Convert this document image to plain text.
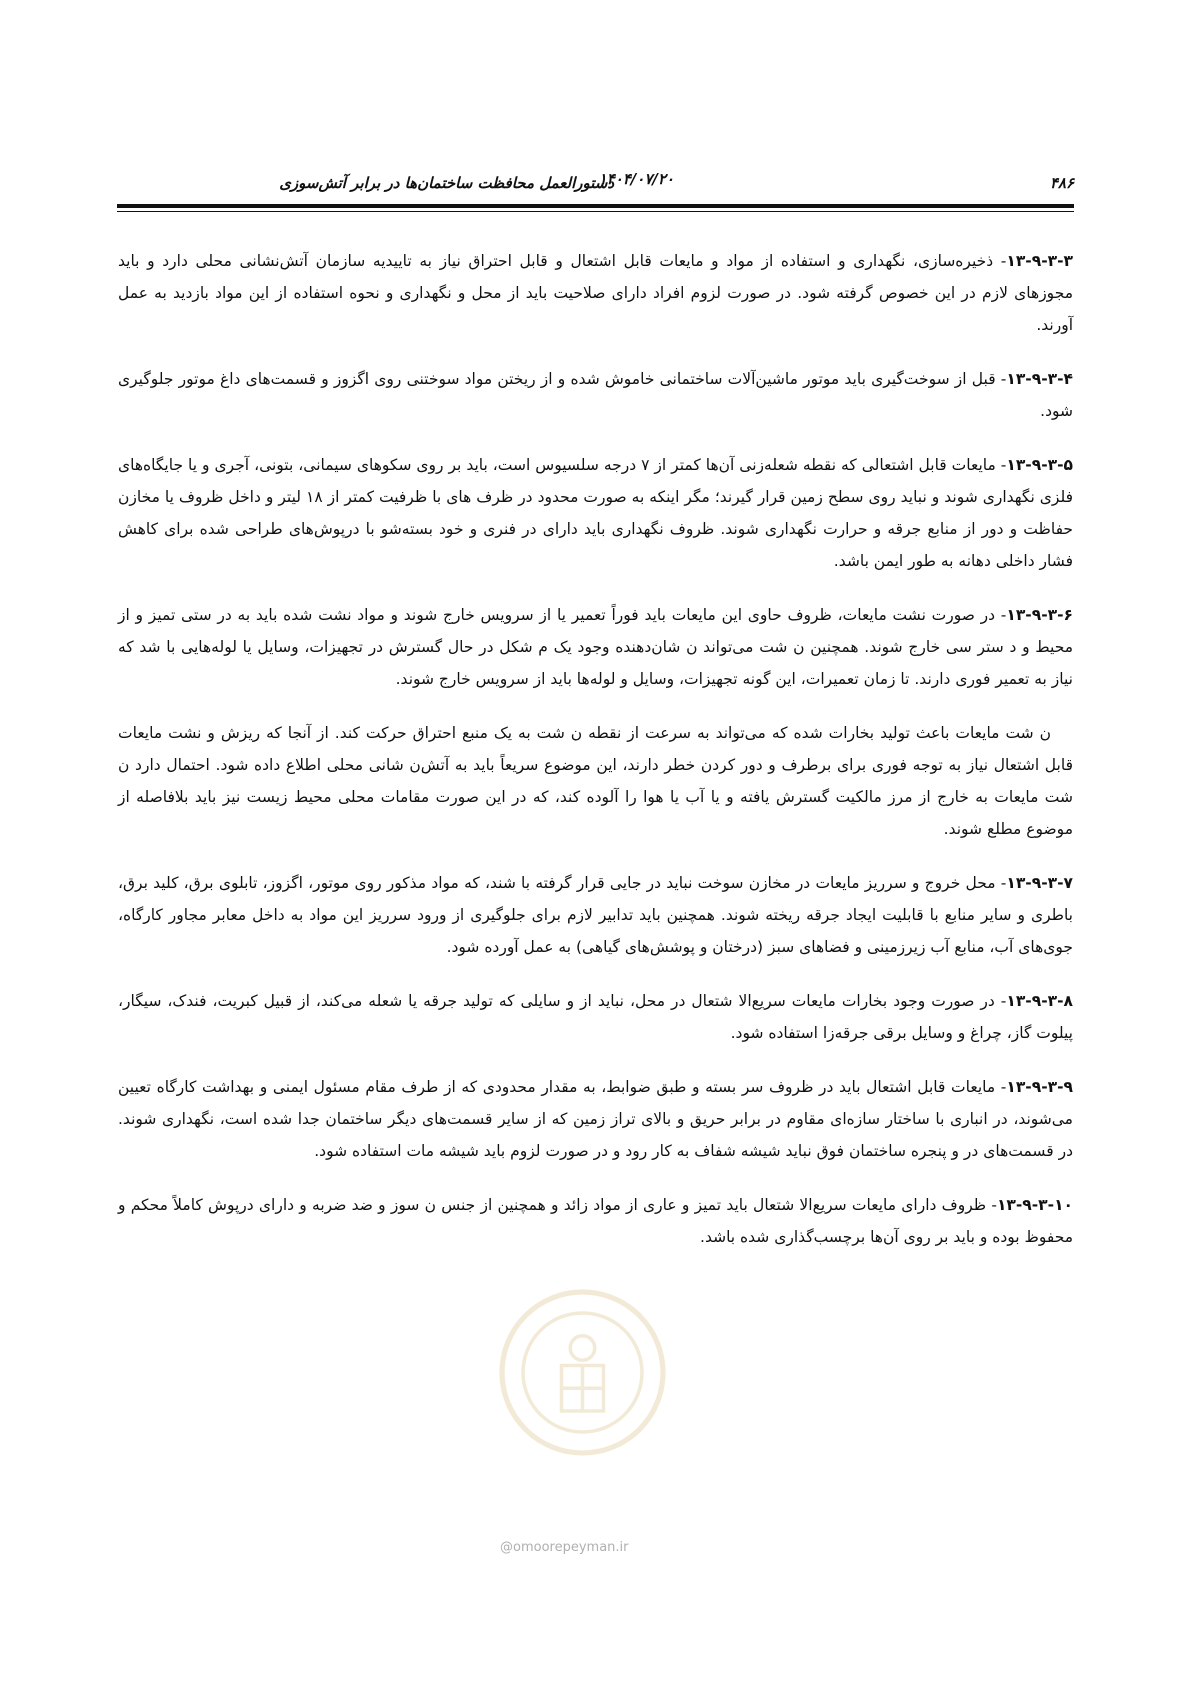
۴۸۶
۱۴۰۴/۰۷/۲۰
دستورالعمل محافظت ساختمان‌ها در برابر آتش‌سوزی

۱۳-۹-۳-۳- ذخیره‌سازی، نگهداری و استفاده از مواد و مایعات قابل اشتعال و قابل احتراق نیاز به تاییدیه سازمان آتش‌نشانی محلی دارد و باید مجوزهای لازم در این خصوص گرفته شود. در صورت لزوم افراد دارای صلاحیت باید از محل و نگهداری و نحوه استفاده از این مواد بازدید به عمل آورند.

۱۳-۹-۳-۴- قبل از سوخت‌گیری باید موتور ماشین‌آلات ساختمانی خاموش شده و از ریختن مواد سوختنی روی اگزوز و قسمت‌های داغ موتور جلوگیری شود.

۱۳-۹-۳-۵- مایعات قابل اشتعالی که نقطه شعله‌زنی آن‌ها کمتر از ۷ درجه سلسیوس است، باید بر روی سکوهای سیمانی، بتونی، آجری و یا جایگاه‌های فلزی نگهداری شوند و نباید روی سطح زمین قرار گیرند؛ مگر اینکه به صورت محدود در ظرف های با ظرفیت کمتر از ۱۸ لیتر و داخل ظروف یا مخازن حفاظت و دور از منابع جرقه و حرارت نگهداری شوند. ظروف نگهداری باید دارای در فنری و خود بسته‌شو با درپوش‌های طراحی شده برای کاهش فشار داخلی دهانه به طور ایمن باشد.

۱۳-۹-۳-۶- در صورت نشت مایعات، ظروف حاوی این مایعات باید فوراً تعمیر یا از سرویس خارج شوند و مواد نشت شده باید به در ستی تمیز و از محیط و د ستر سی خارج شوند. همچنین ن شت می‌تواند ن شان‌دهنده وجود یک م شکل در حال گسترش در تجهیزات، وسایل یا لوله‌هایی با شد که نیاز به تعمیر فوری دارند. تا زمان تعمیرات، این گونه تجهیزات، وسایل و لوله‌ها باید از سرویس خارج شوند.

ن شت مایعات باعث تولید بخارات شده که می‌تواند به سرعت از نقطه ن شت به یک منبع احتراق حرکت کند. از آنجا که ریزش و نشت مایعات قابل اشتعال نیاز به توجه فوری برای برطرف و دور کردن خطر دارند، این موضوع سریعاً باید به آتش‌ن شانی محلی اطلاع داده شود. احتمال دارد ن شت مایعات به خارج از مرز مالکیت گسترش یافته و یا آب یا هوا را آلوده کند، که در این صورت مقامات محلی محیط زیست نیز باید بلافاصله از موضوع مطلع شوند.

۱۳-۹-۳-۷- محل خروج و سرریز مایعات در مخازن سوخت نباید در جایی قرار گرفته با شند، که مواد مذکور روی موتور، اگزوز، تابلوی برق، کلید برق، باطری و سایر منابع با قابلیت ایجاد جرقه ریخته شوند. همچنین باید تدابیر لازم برای جلوگیری از ورود سرریز این مواد به داخل معابر مجاور کارگاه، جوی‌های آب، منابع آب زیرزمینی و فضاهای سبز (درختان و پوشش‌های گیاهی) به عمل آورده شود.

۱۳-۹-۳-۸- در صورت وجود بخارات مایعات سریع‌الا شتعال در محل، نباید از و سایلی که تولید جرقه یا شعله می‌کند، از قبیل کبریت، فندک، سیگار، پیلوت گاز، چراغ و وسایل برقی جرقه‌زا استفاده شود.

۱۳-۹-۳-۹- مایعات قابل اشتعال باید در ظروف سر بسته و طبق ضوابط، به مقدار محدودی که از طرف مقام مسئول ایمنی و بهداشت کارگاه تعیین می‌شوند، در انباری با ساختار سازه‌ای مقاوم در برابر حریق و بالای تراز زمین که از سایر قسمت‌های دیگر ساختمان جدا شده است، نگهداری شوند. در قسمت‌های در و پنجره ساختمان فوق نباید شیشه شفاف به کار رود و در صورت لزوم باید شیشه مات استفاده شود.

۱۳-۹-۳-۱۰- ظروف دارای مایعات سریع‌الا شتعال باید تمیز و عاری از مواد زائد و همچنین از جنس ن سوز و ضد ضربه و دارای درپوش کاملاً محکم و محفوظ بوده و باید بر روی آن‌ها برچسب‌گذاری شده باشد.

@omoorepeyman.ir
